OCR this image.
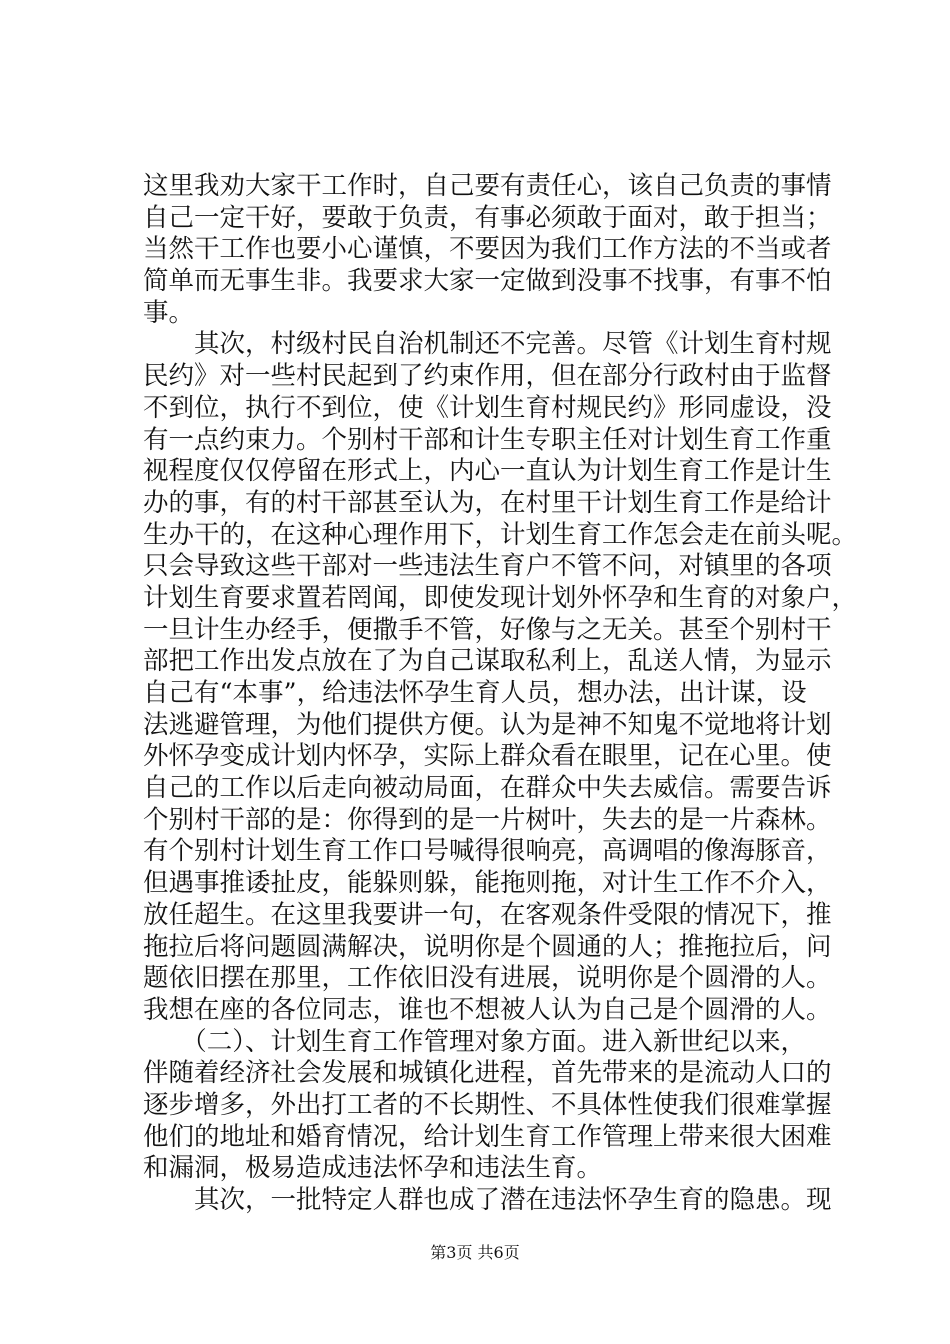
这里我劝大家干工作时，自己要有责任心，该自己负责的事情
自己一定干好，要敢于负责，有事必须敢于面对，敢于担当；
当然干工作也要小心谨慎，不要因为我们工作方法的不当或者
简单而无事生非。我要求大家一定做到没事不找事，有事不怕
事。
　　其次，村级村民自治机制还不完善。尽管《计划生育村规
民约》对一些村民起到了约束作用，但在部分行政村由于监督
不到位，执行不到位，使《计划生育村规民约》形同虚设，没
有一点约束力。个别村干部和计生专职主任对计划生育工作重
视程度仅仅停留在形式上，内心一直认为计划生育工作是计生
办的事，有的村干部甚至认为，在村里干计划生育工作是给计
生办干的，在这种心理作用下，计划生育工作怎会走在前头呢。
只会导致这些干部对一些违法生育户不管不问，对镇里的各项
计划生育要求置若罔闻，即使发现计划外怀孕和生育的对象户，
一旦计生办经手，便撒手不管，好像与之无关。甚至个别村干
部把工作出发点放在了为自己谋取私利上，乱送人情，为显示
自己有“本事”，给违法怀孕生育人员，想办法，出计谋，设
法逃避管理，为他们提供方便。认为是神不知鬼不觉地将计划
外怀孕变成计划内怀孕，实际上群众看在眼里，记在心里。使
自己的工作以后走向被动局面，在群众中失去威信。需要告诉
个别村干部的是：你得到的是一片树叶，失去的是一片森林。
有个别村计划生育工作口号喊得很响亮，高调唱的像海豚音，
但遇事推诿扯皮，能躲则躲，能拖则拖，对计生工作不介入，
放任超生。在这里我要讲一句，在客观条件受限的情况下，推
拖拉后将问题圆满解决，说明你是个圆通的人；推拖拉后，问
题依旧摆在那里，工作依旧没有进展，说明你是个圆滑的人。
我想在座的各位同志，谁也不想被人认为自己是个圆滑的人。
　　（二）、计划生育工作管理对象方面。进入新世纪以来，
伴随着经济社会发展和城镇化进程，首先带来的是流动人口的
逐步增多，外出打工者的不长期性、不具体性使我们很难掌握
他们的地址和婚育情况，给计划生育工作管理上带来很大困难
和漏洞，极易造成违法怀孕和违法生育。
　　其次，一批特定人群也成了潜在违法怀孕生育的隐患。现
第3页 共6页
